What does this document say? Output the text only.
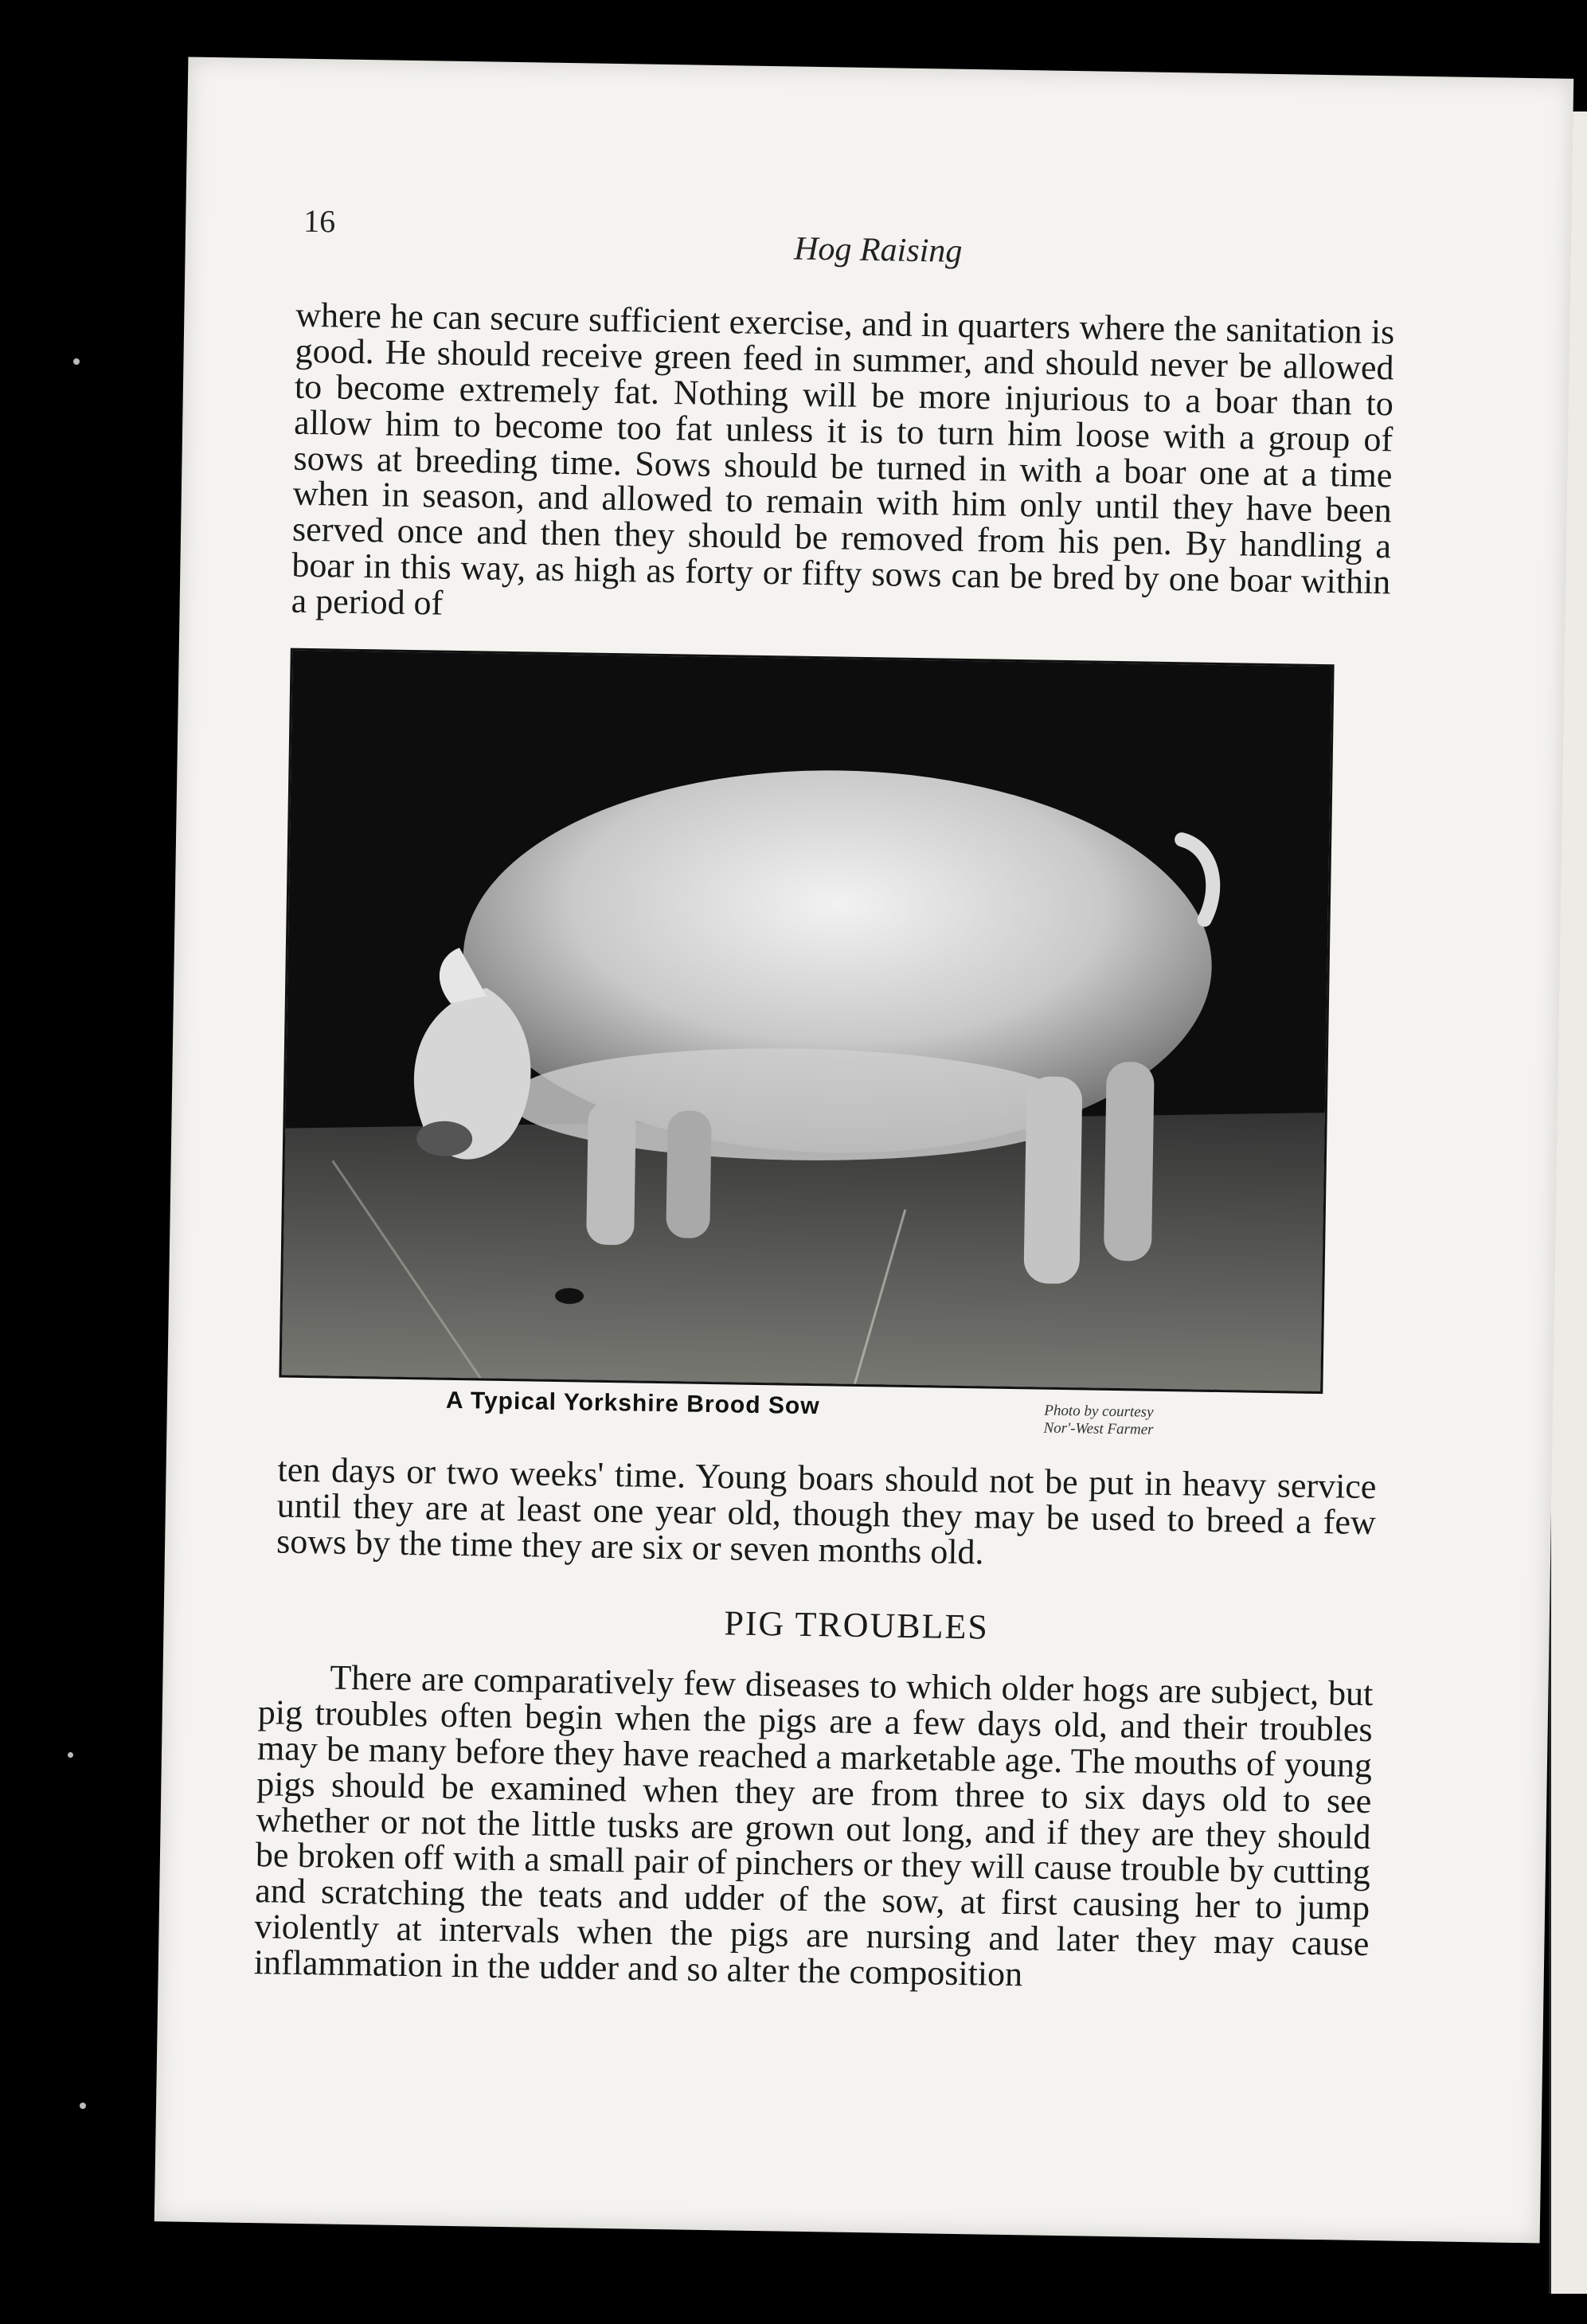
16
Hog Raising

where he can secure sufficient exercise, and in quarters where the sanitation is good. He should receive green feed in summer, and should never be allowed to become extremely fat. Nothing will be more injurious to a boar than to allow him to become too fat unless it is to turn him loose with a group of sows at breeding time. Sows should be turned in with a boar one at a time when in season, and allowed to remain with him only until they have been served once and then they should be removed from his pen. By handling a boar in this way, as high as forty or fifty sows can be bred by one boar within a period of

A Typical Yorkshire Brood Sow	Photo by courtesy
Nor'-West Farmer

ten days or two weeks' time. Young boars should not be put in heavy service until they are at least one year old, though they may be used to breed a few sows by the time they are six or seven months old.

PIG TROUBLES

There are comparatively few diseases to which older hogs are subject, but pig troubles often begin when the pigs are a few days old, and their troubles may be many before they have reached a marketable age. The mouths of young pigs should be examined when they are from three to six days old to see whether or not the little tusks are grown out long, and if they are they should be broken off with a small pair of pinchers or they will cause trouble by cutting and scratching the teats and udder of the sow, at first causing her to jump violently at intervals when the pigs are nursing and later they may cause inflammation in the udder and so alter the composition
